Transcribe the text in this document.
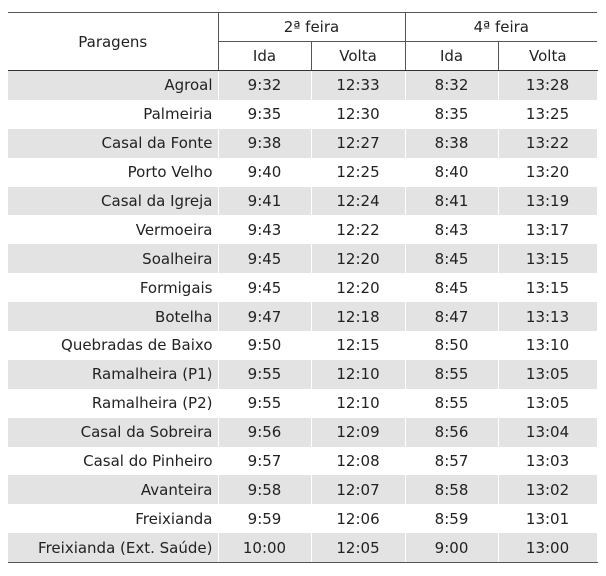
Paragens	2ª feira		4ª feira	
	Ida	Volta	Ida	Volta
Agroal	9:32	12:33	8:32	13:28
Palmeiria	9:35	12:30	8:35	13:25
Casal da Fonte	9:38	12:27	8:38	13:22
Porto Velho	9:40	12:25	8:40	13:20
Casal da Igreja	9:41	12:24	8:41	13:19
Vermoeira	9:43	12:22	8:43	13:17
Soalheira	9:45	12:20	8:45	13:15
Formigais	9:45	12:20	8:45	13:15
Botelha	9:47	12:18	8:47	13:13
Quebradas de Baixo	9:50	12:15	8:50	13:10
Ramalheira (P1)	9:55	12:10	8:55	13:05
Ramalheira (P2)	9:55	12:10	8:55	13:05
Casal da Sobreira	9:56	12:09	8:56	13:04
Casal do Pinheiro	9:57	12:08	8:57	13:03
Avanteira	9:58	12:07	8:58	13:02
Freixianda	9:59	12:06	8:59	13:01
Freixianda (Ext. Saúde)	10:00	12:05	9:00	13:00
